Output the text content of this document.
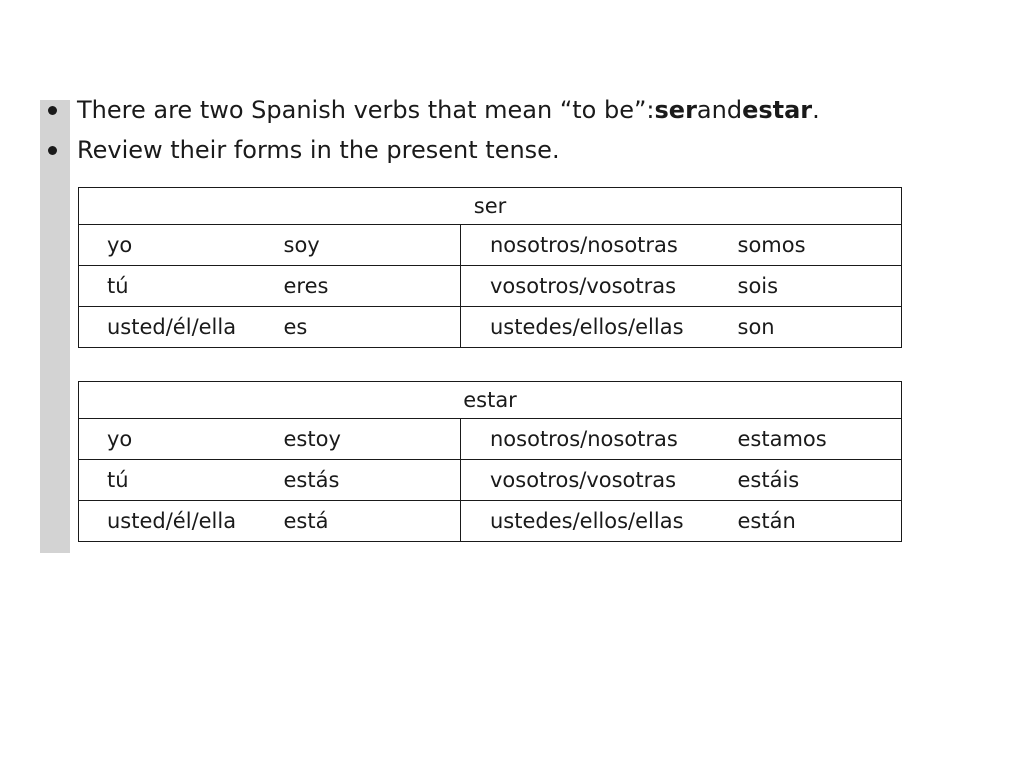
There are two Spanish verbs that mean “to be”: ser and estar .
Review their forms in the present tense.
ser			
yo	soy	nosotros/nosotras	somos
tú	eres	vosotros/vosotras	sois
usted/él/ella	es	ustedes/ellos/ellas	son
estar			
yo	estoy	nosotros/nosotras	estamos
tú	estás	vosotros/vosotras	estáis
usted/él/ella	está	ustedes/ellos/ellas	están
